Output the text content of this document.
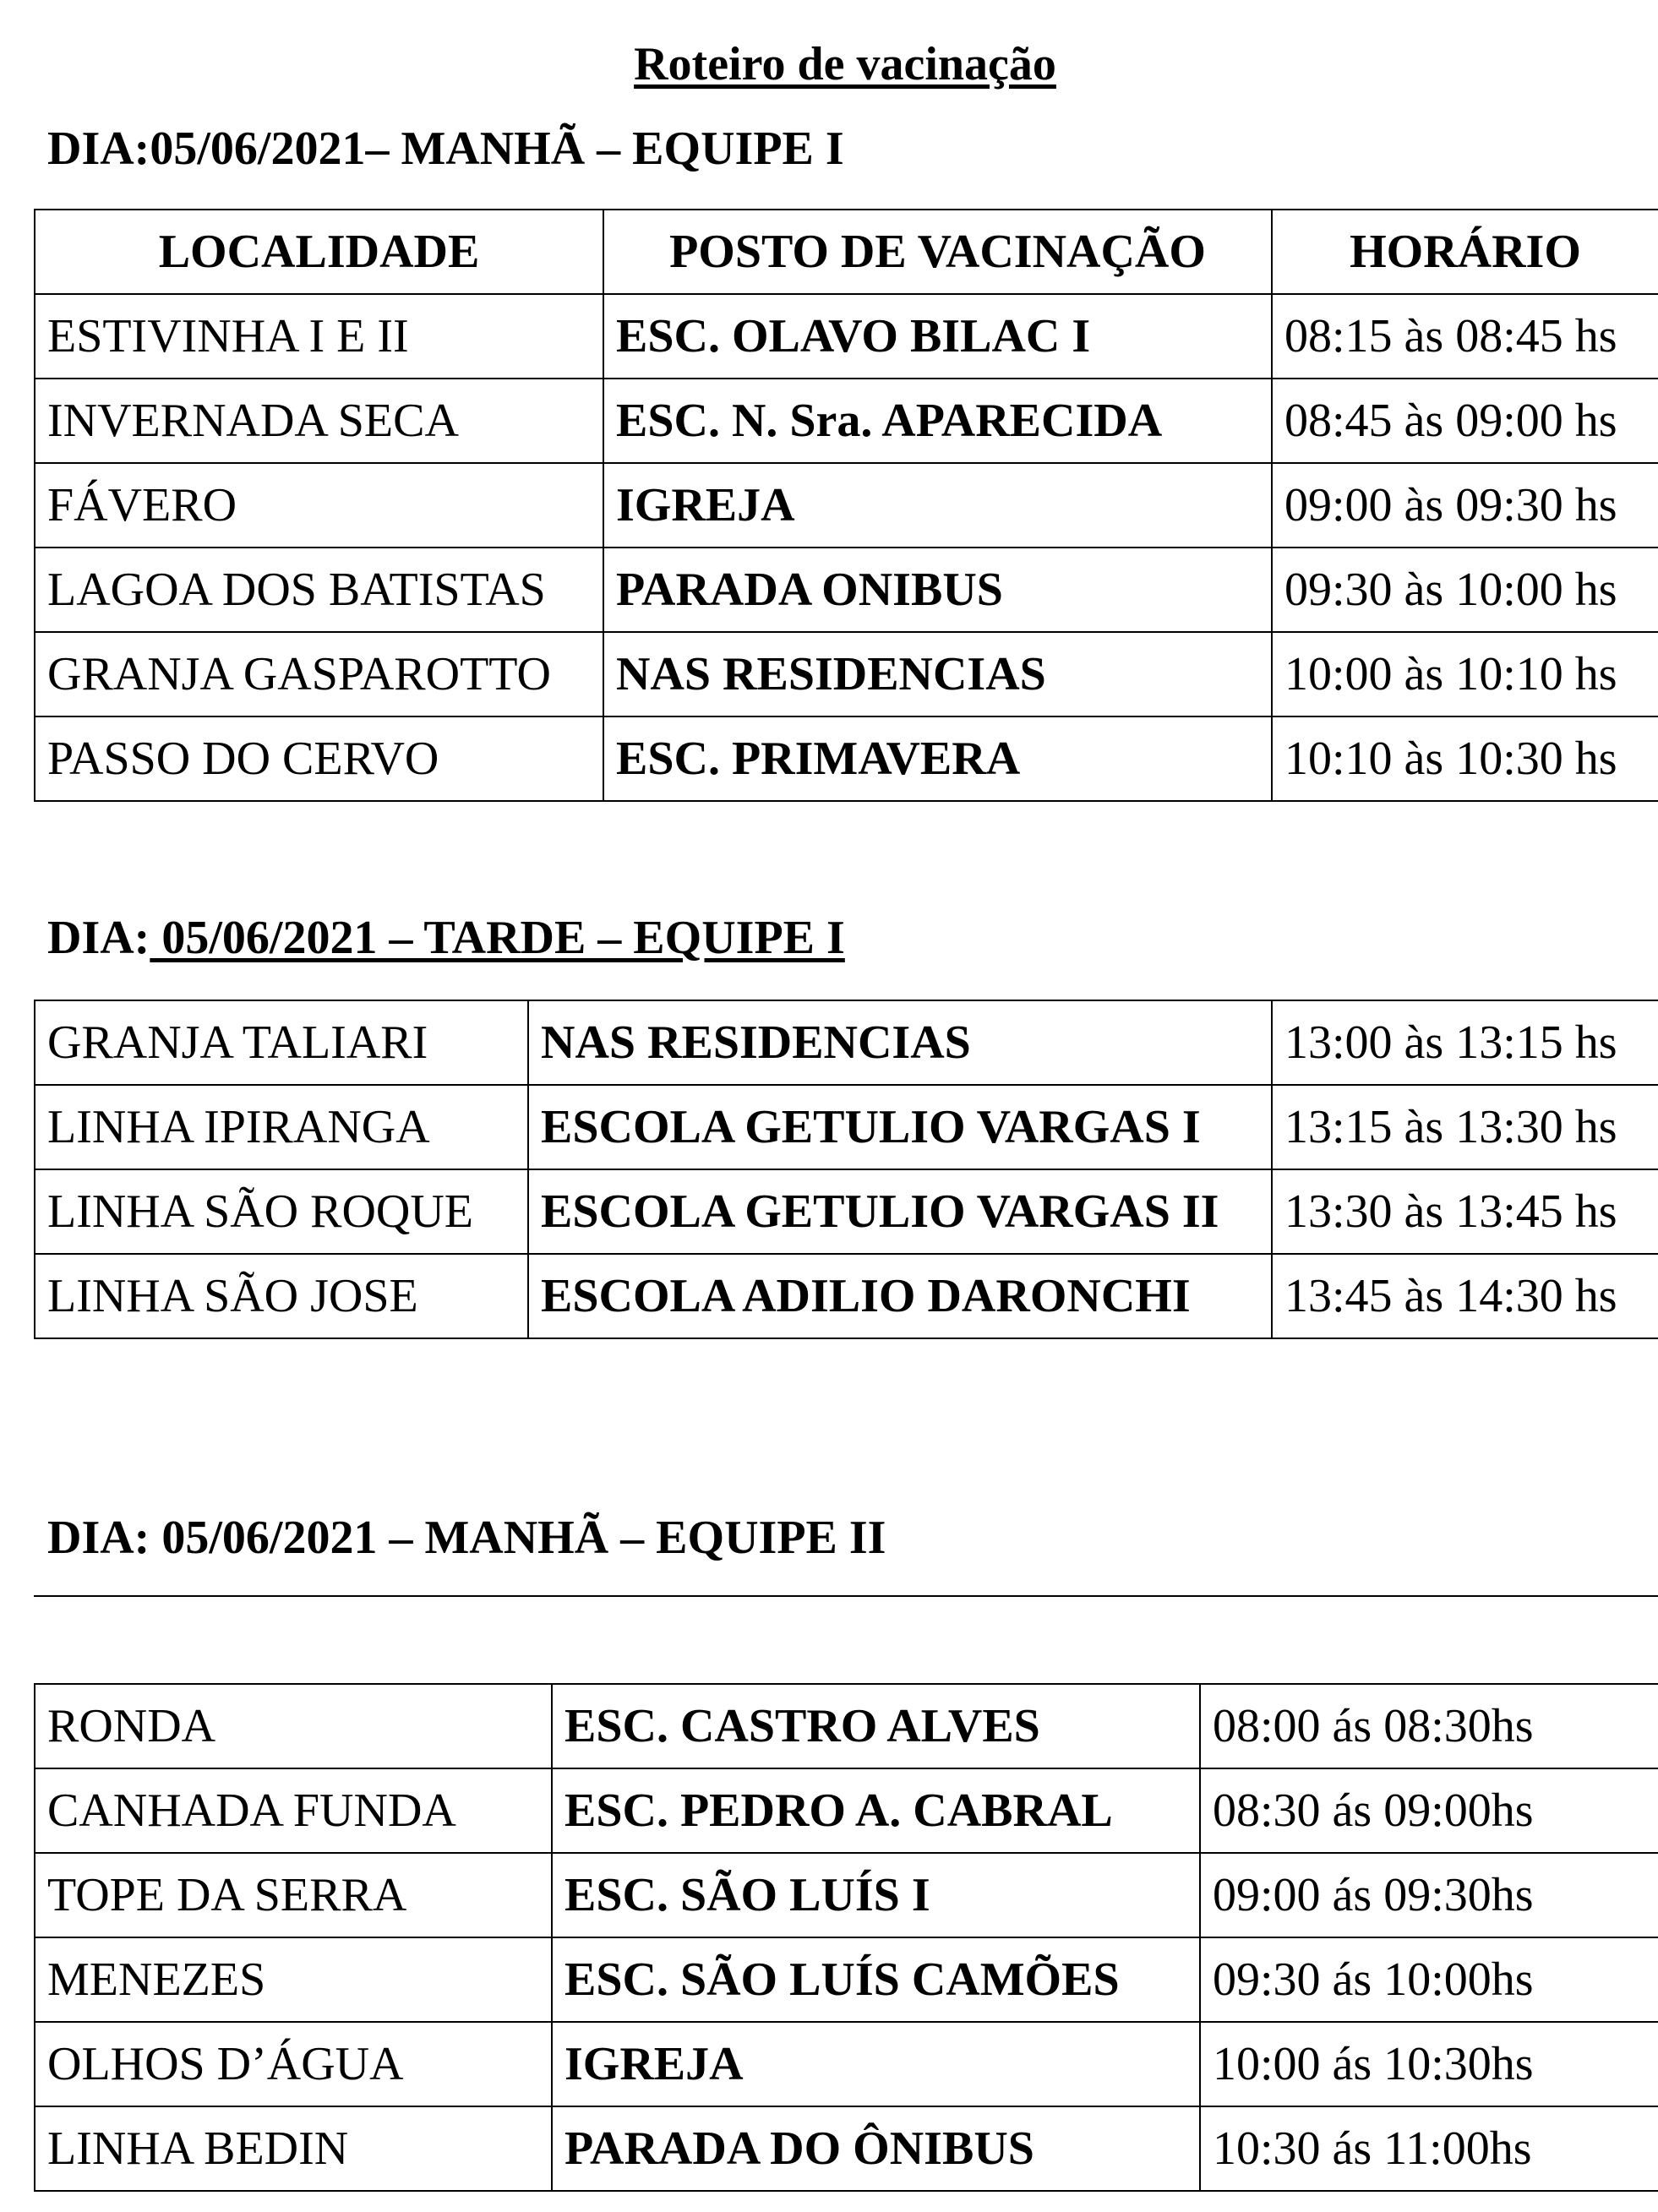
Roteiro de vacinação
DIA:05/06/2021– MANHÃ – EQUIPE I
LOCALIDADE	POSTO DE VACINAÇÃO	HORÁRIO
ESTIVINHA I E II	ESC. OLAVO BILAC I	08:15 às 08:45 hs
INVERNADA SECA	ESC. N. Sra. APARECIDA	08:45 às 09:00 hs
FÁVERO	IGREJA	09:00 às 09:30 hs
LAGOA DOS BATISTAS	PARADA ONIBUS	09:30 às 10:00 hs
GRANJA GASPAROTTO	NAS RESIDENCIAS	10:00 às 10:10 hs
PASSO DO CERVO	ESC. PRIMAVERA	10:10 às 10:30 hs
DIA: 05/06/2021 – TARDE – EQUIPE I
GRANJA TALIARI	NAS RESIDENCIAS	13:00 às 13:15 hs
LINHA IPIRANGA	ESCOLA GETULIO VARGAS I	13:15 às 13:30 hs
LINHA SÃO ROQUE	ESCOLA GETULIO VARGAS II	13:30 às 13:45 hs
LINHA SÃO JOSE	ESCOLA ADILIO DARONCHI	13:45 às 14:30 hs
DIA: 05/06/2021 – MANHÃ – EQUIPE II
RONDA	ESC. CASTRO ALVES	08:00 ás 08:30hs
CANHADA FUNDA	ESC. PEDRO A. CABRAL	08:30 ás 09:00hs
TOPE DA SERRA	ESC. SÃO LUÍS I	09:00 ás 09:30hs
MENEZES	ESC. SÃO LUÍS CAMÕES	09:30 ás 10:00hs
OLHOS D’ÁGUA	IGREJA	10:00 ás 10:30hs
LINHA BEDIN	PARADA DO ÔNIBUS	10:30 ás 11:00hs
